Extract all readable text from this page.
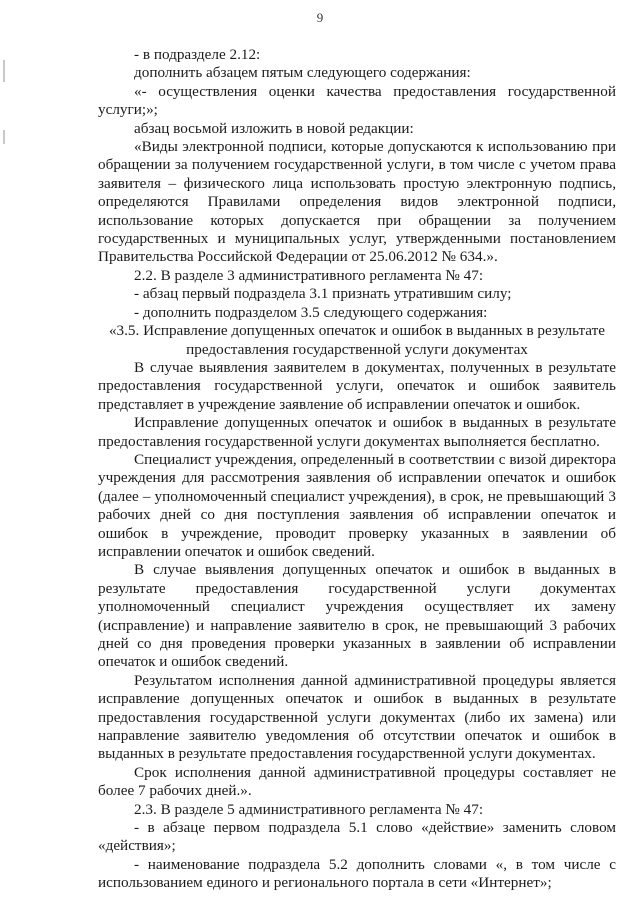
9

- в подразделе 2.12:

дополнить абзацем пятым следующего содержания:

«- осуществления оценки качества предоставления государственной услуги;»;

абзац восьмой изложить в новой редакции:

«Виды электронной подписи, которые допускаются к использованию при обращении за получением государственной услуги, в том числе с учетом права заявителя – физического лица использовать простую электронную подпись, определяются Правилами определения видов электронной подписи, использование которых допускается при обращении за получением государственных и муниципальных услуг, утвержденными постановлением Правительства Российской Федерации от 25.06.2012 № 634.».

2.2. В разделе 3 административного регламента № 47:

- абзац первый подраздела 3.1 признать утратившим силу;

- дополнить подразделом 3.5 следующего содержания:

«3.5. Исправление допущенных опечаток и ошибок в выданных в результате предоставления государственной услуги документах

В случае выявления заявителем в документах, полученных в результате предоставления государственной услуги, опечаток и ошибок заявитель представляет в учреждение заявление об исправлении опечаток и ошибок.

Исправление допущенных опечаток и ошибок в выданных в результате предоставления государственной услуги документах выполняется бесплатно.

Специалист учреждения, определенный в соответствии с визой директора учреждения для рассмотрения заявления об исправлении опечаток и ошибок (далее – уполномоченный специалист учреждения), в срок, не превышающий 3 рабочих дней со дня поступления заявления об исправлении опечаток и ошибок в учреждение, проводит проверку указанных в заявлении об исправлении опечаток и ошибок сведений.

В случае выявления допущенных опечаток и ошибок в выданных в результате предоставления государственной услуги документах уполномоченный специалист учреждения осуществляет их замену (исправление) и направление заявителю в срок, не превышающий 3 рабочих дней со дня проведения проверки указанных в заявлении об исправлении опечаток и ошибок сведений.

Результатом исполнения данной административной процедуры является исправление допущенных опечаток и ошибок в выданных в результате предоставления государственной услуги документах (либо их замена) или направление заявителю уведомления об отсутствии опечаток и ошибок в выданных в результате предоставления государственной услуги документах.

Срок исполнения данной административной процедуры составляет не более 7 рабочих дней.».

2.3. В разделе 5 административного регламента № 47:

- в абзаце первом подраздела 5.1 слово «действие» заменить словом «действия»;

- наименование подраздела 5.2 дополнить словами «, в том числе с использованием единого и регионального портала в сети «Интернет»;
